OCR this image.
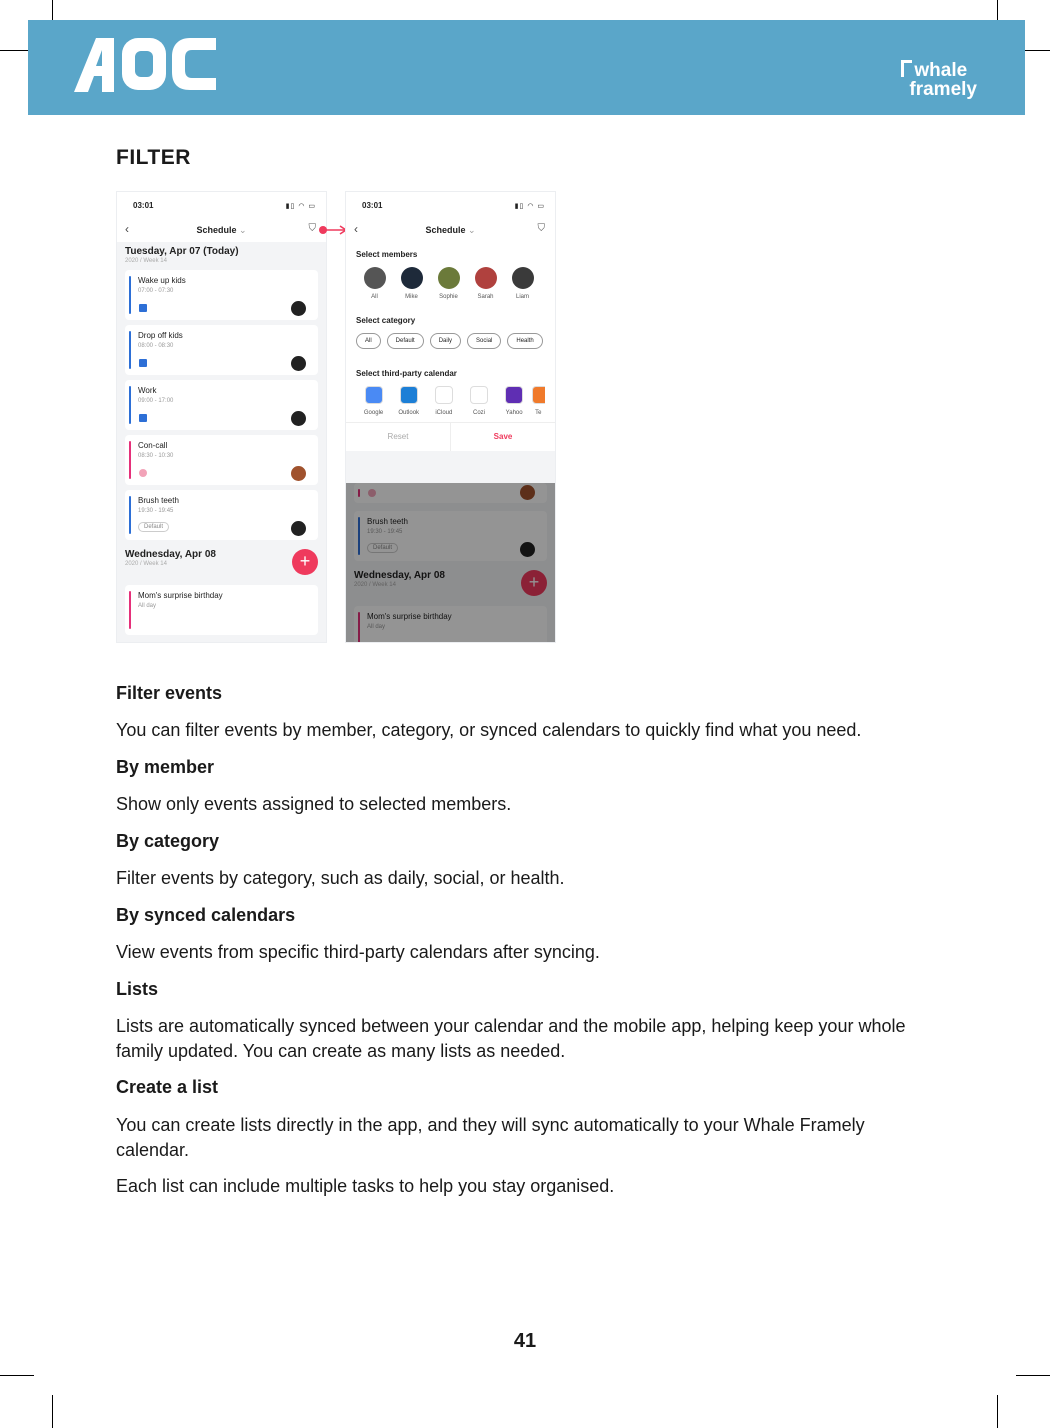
whale
framely
FILTER
03:01	▮▯ ◠ ▭
‹	Schedule ⌄	⛉
Tuesday, Apr 07 (Today)
2020 / Week 14
Wake up kids
07:00 - 07:30
Drop off kids
08:00 - 08:30
Work
09:00 - 17:00
Con-call
08:30 - 10:30
Brush teeth
19:30 - 19:45
Default
Wednesday, Apr 08
2020 / Week 14	+
Mom's surprise birthday
All day
03:01	▮▯ ◠ ▭
‹	Schedule ⌄	⛉
Select members
All	Mike	Sophie	Sarah	Liam
Select category
All	Default	Daily	Social	Health
Select third-party calendar
Google	Outlook	iCloud	Cozi	Yahoo	Te
Reset	Save
Brush teeth
19:30 - 19:45
Default
Wednesday, Apr 08
2020 / Week 14	+
Mom's surprise birthday
All day
Filter events
You can filter events by member, category, or synced calendars to quickly find what you need.
By member
Show only events assigned to selected members.
By category
Filter events by category, such as daily, social, or health.
By synced calendars
View events from specific third-party calendars after syncing.
Lists
Lists are automatically synced between your calendar and the mobile app, helping keep your whole family updated. You can create as many lists as needed.
Create a list
You can create lists directly in the app, and they will sync automatically to your Whale Framely calendar.
Each list can include multiple tasks to help you stay organised.
41
